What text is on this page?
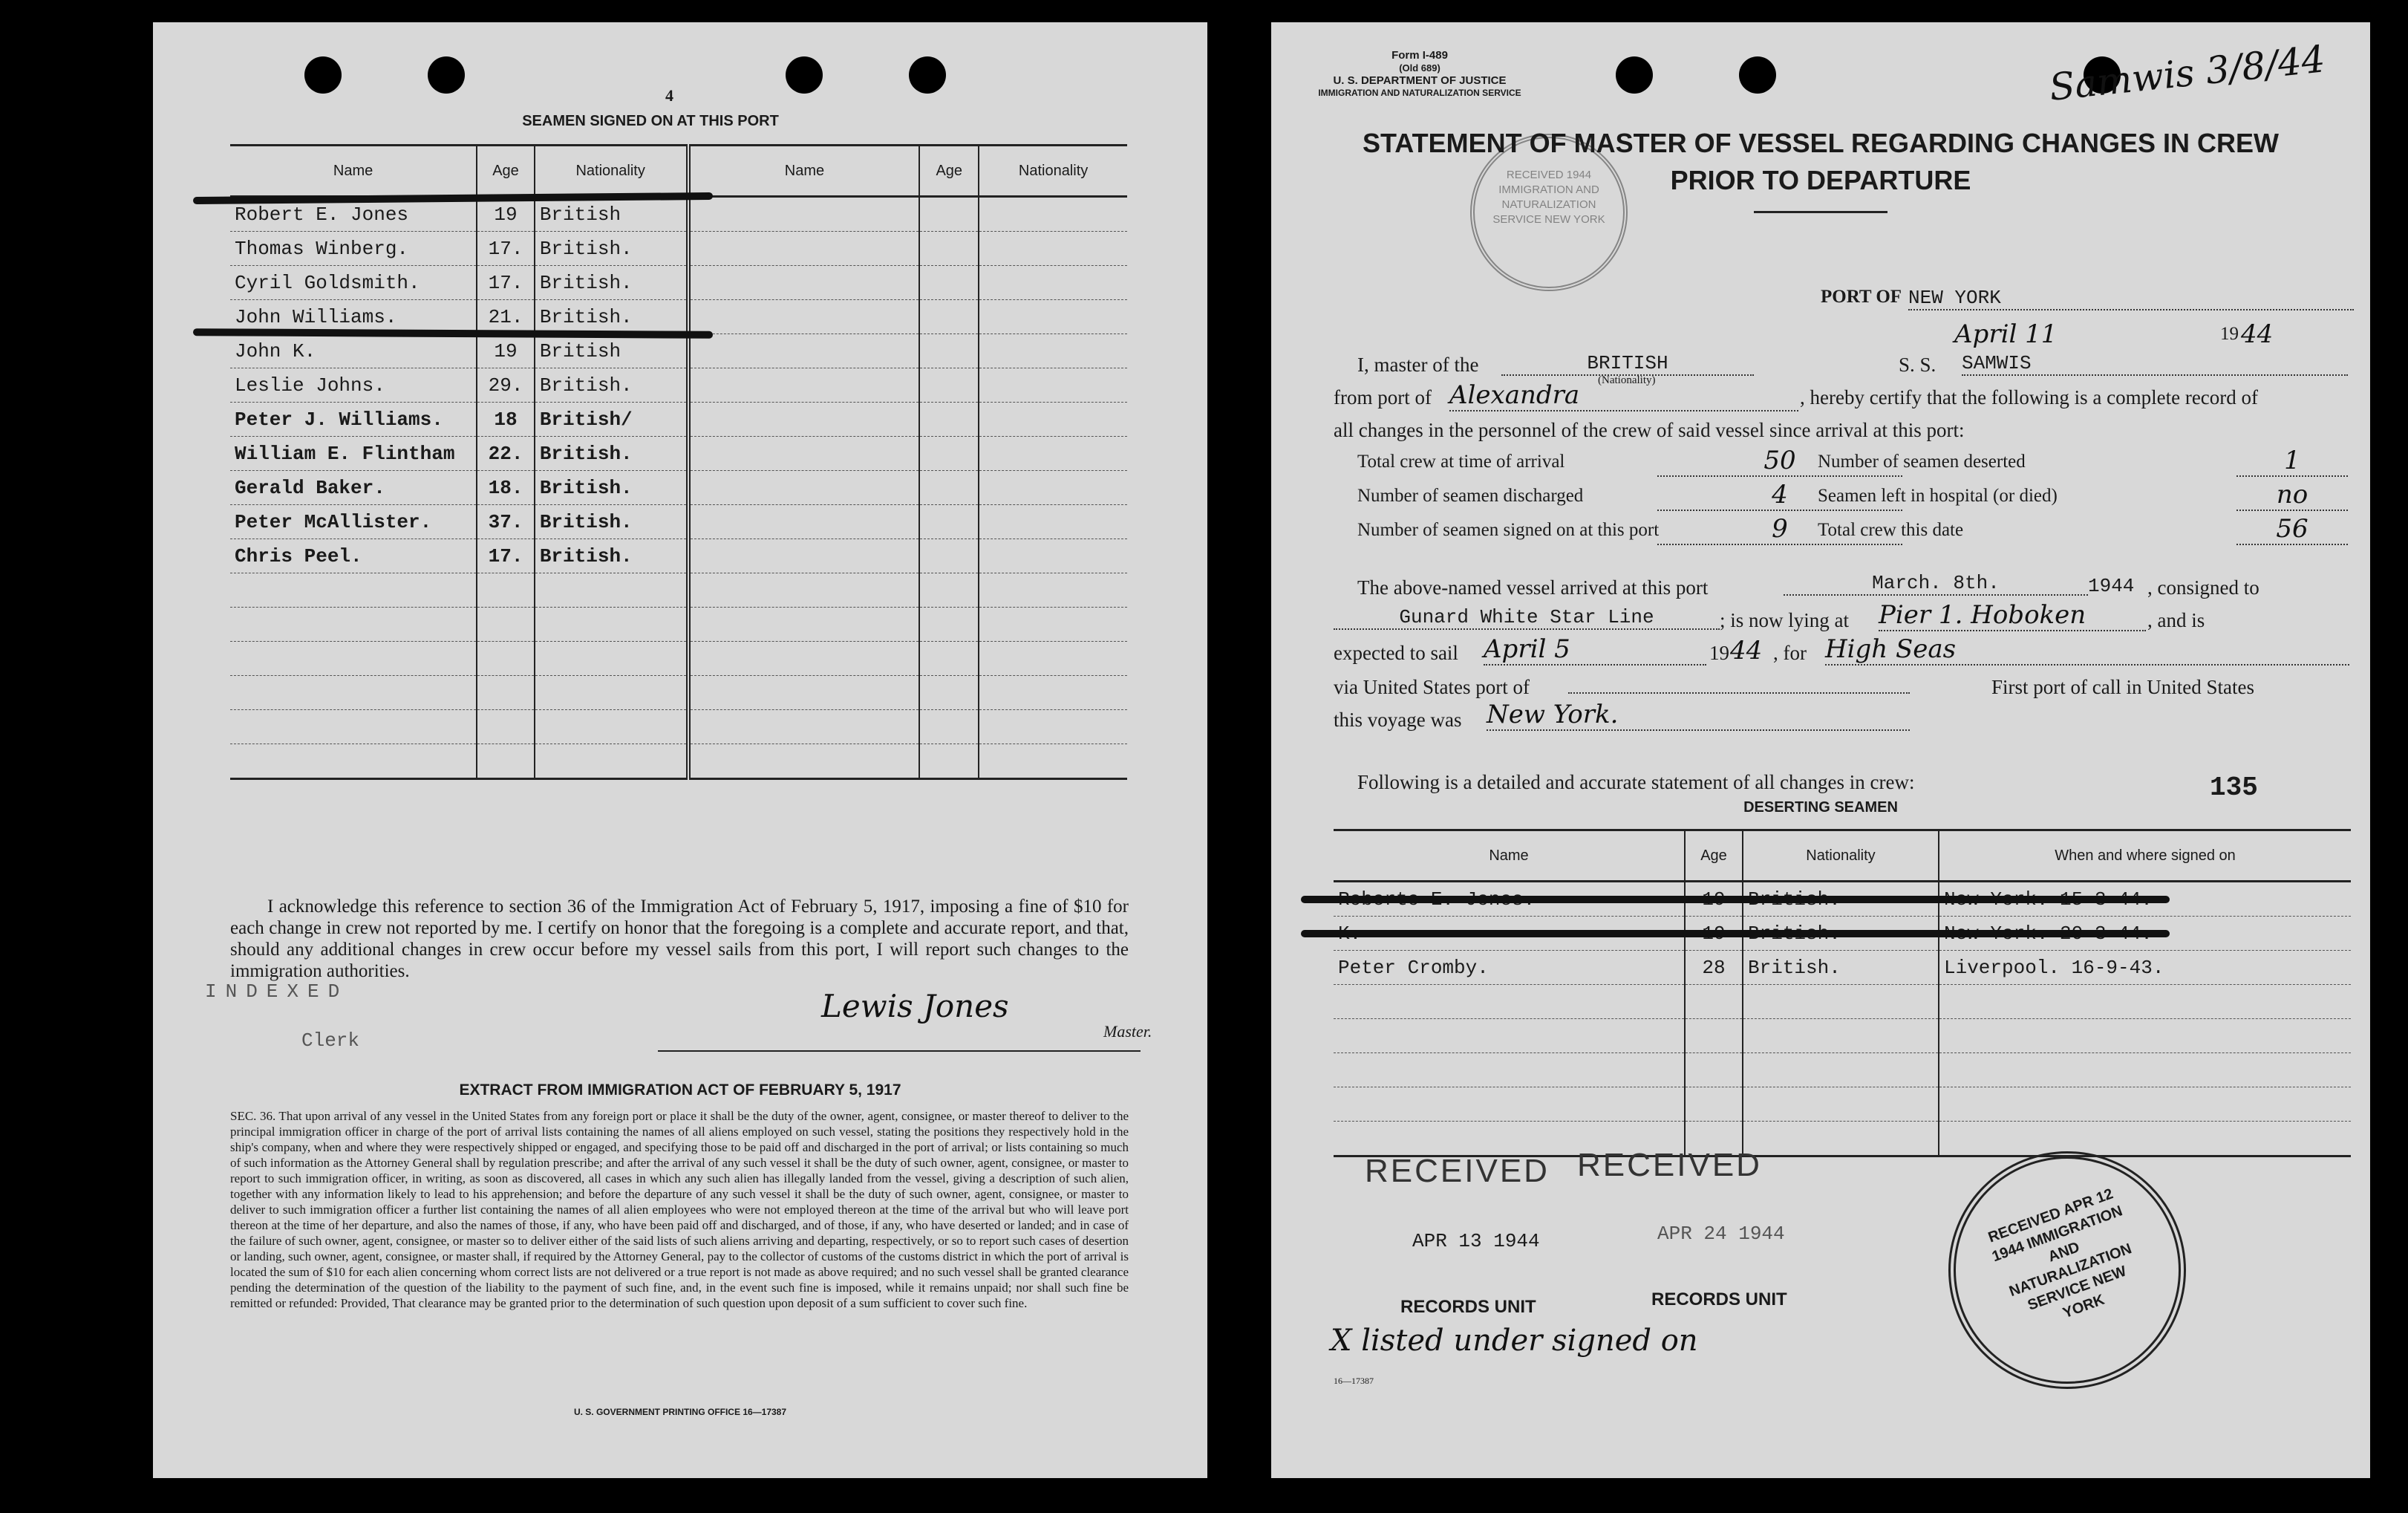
4
SEAMEN SIGNED ON AT THIS PORT
Name	Age	Nationality	Name	Age	Nationality
Robert E. Jones	19	British			
Thomas Winberg.	17.	British.			
Cyril Goldsmith.	17.	British.			
John Williams.	21.	British.			
John K.	19	British			
Leslie Johns.	29.	British.			
Peter J. Williams.	18	British/			
William E. Flintham	22.	British.			
Gerald Baker.	18.	British.			
Peter McAllister.	37.	British.			
Chris Peel.	17.	British.			

I acknowledge this reference to section 36 of the Immigration Act of February 5, 1917, imposing a fine of $10 for each change in crew not reported by me. I certify on honor that the foregoing is a complete and accurate report, and that, should any additional changes in crew occur before my vessel sails from this port, I will report such changes to the immigration authorities.
INDEXED
Clerk
Lewis Jones
Master.
EXTRACT FROM IMMIGRATION ACT OF FEBRUARY 5, 1917
SEC. 36. That upon arrival of any vessel in the United States from any foreign port or place it shall be the duty of the owner, agent, consignee, or master thereof to deliver to the principal immigration officer in charge of the port of arrival lists containing the names of all aliens employed on such vessel, stating the positions they respectively hold in the ship's company, when and where they were respectively shipped or engaged, and specifying those to be paid off and discharged in the port of arrival; or lists containing so much of such information as the Attorney General shall by regulation prescribe; and after the arrival of any such vessel it shall be the duty of such owner, agent, consignee, or master to report to such immigration officer, in writing, as soon as discovered, all cases in which any such alien has illegally landed from the vessel, giving a description of such alien, together with any information likely to lead to his apprehension; and before the departure of any such vessel it shall be the duty of such owner, agent, consignee, or master to deliver to such immigration officer a further list containing the names of all alien employees who were not employed thereon at the time of the arrival but who will leave port thereon at the time of her departure, and also the names of those, if any, who have been paid off and discharged, and of those, if any, who have deserted or landed; and in case of the failure of such owner, agent, consignee, or master so to deliver either of the said lists of such aliens arriving and departing, respectively, or so to report such cases of desertion or landing, such owner, agent, consignee, or master shall, if required by the Attorney General, pay to the collector of customs of the customs district in which the port of arrival is located the sum of $10 for each alien concerning whom correct lists are not delivered or a true report is not made as above required; and no such vessel shall be granted clearance pending the determination of the question of the liability to the payment of such fine, and, in the event such fine is imposed, while it remains unpaid; nor shall such fine be remitted or refunded: Provided, That clearance may be granted prior to the determination of such question upon deposit of a sum sufficient to cover such fine.
U. S. GOVERNMENT PRINTING OFFICE 16—17387
Form I-489
(Old 689)
U. S. DEPARTMENT OF JUSTICE
IMMIGRATION AND NATURALIZATION SERVICE	Samwis 3/8/44
RECEIVED 1944 IMMIGRATION AND NATURALIZATION SERVICE NEW YORK
STATEMENT OF MASTER OF VESSEL REGARDING CHANGES IN CREW
PRIOR TO DEPARTURE
PORT OF NEW YORK
April 11	19 44
I, master of the	BRITISH
(Nationality)
S. S. SAMWIS
from port of Alexandra	, hereby certify that the following is a complete record of
all changes in the personnel of the crew of said vessel since arrival at this port:
Total crew at time of arrival	50	Number of seamen deserted	1
Number of seamen discharged	4	Seamen left in hospital (or died)	no
Number of seamen signed on at this port	9	Total crew this date	56
The above-named vessel arrived at this port	March. 8th.	1944 , consigned to
Gunard White Star Line	; is now lying at Pier 1. Hoboken	, and is
expected to sail April 5	19 44 , for High Seas
via United States port of	First port of call in United States
this voyage was New York.
Following is a detailed and accurate statement of all changes in crew:	135
DESERTING SEAMEN
Name	Age	Nationality	When and where signed on

Peter Cromby.	28	British.	Liverpool. 16-9-43.

RECEIVED RECEIVED
APR 13 1944	APR 24 1944
RECORDS UNIT	RECORDS UNIT
RECEIVED APR 12 1944 IMMIGRATION AND NATURALIZATION SERVICE NEW YORK
X listed under signed on
16—17387
